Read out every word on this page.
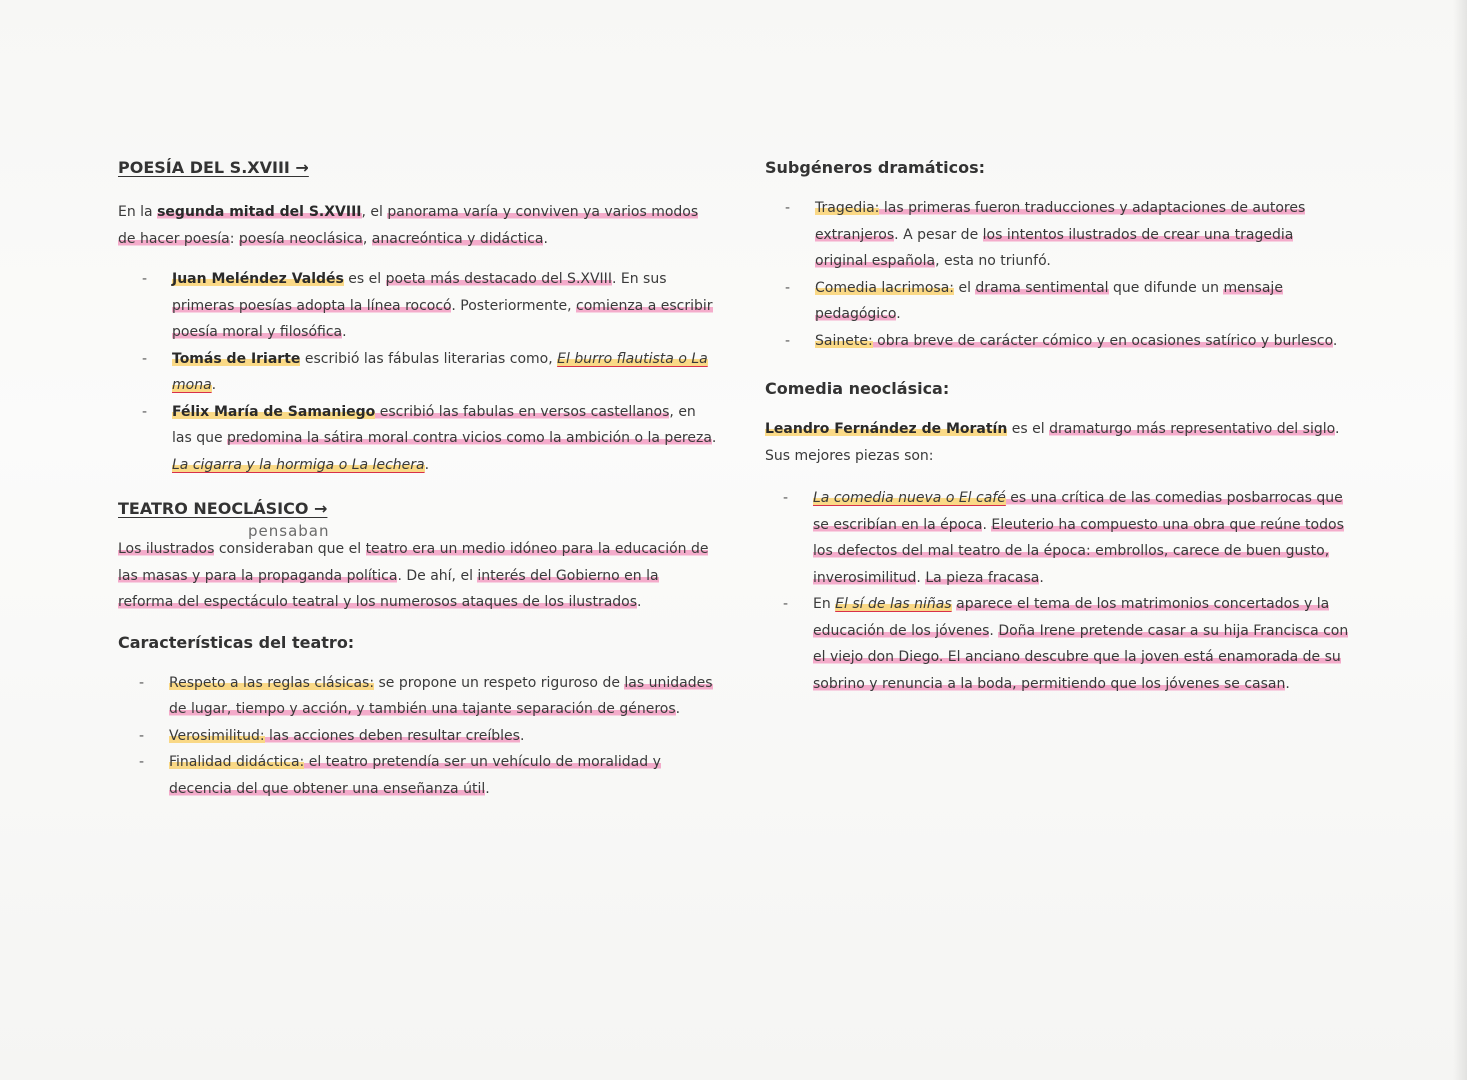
POESÍA DEL S.XVIII →

En la segunda mitad del S.XVIII, el panorama varía y conviven ya varios modos de hacer poesía: poesía neoclásica, anacreóntica y didáctica.

- Juan Meléndez Valdés es el poeta más destacado del S.XVIII. En sus primeras poesías adopta la línea rococó. Posteriormente, comienza a escribir poesía moral y filosófica.
- Tomás de Iriarte escribió las fábulas literarias como, El burro flautista o La mona.
- Félix María de Samaniego escribió las fabulas en versos castellanos, en las que predomina la sátira moral contra vicios como la ambición o la pereza. La cigarra y la hormiga o La lechera.
TEATRO NEOCLÁSICO →
pensaban

Los ilustrados consideraban que el teatro era un medio idóneo para la educación de las masas y para la propaganda política. De ahí, el interés del Gobierno en la reforma del espectáculo teatral y los numerosos ataques de los ilustrados.

Características del teatro:
- Respeto a las reglas clásicas: se propone un respeto riguroso de las unidades de lugar, tiempo y acción, y también una tajante separación de géneros.
- Verosimilitud: las acciones deben resultar creíbles.
- Finalidad didáctica: el teatro pretendía ser un vehículo de moralidad y decencia del que obtener una enseñanza útil.
Subgéneros dramáticos:
- Tragedia: las primeras fueron traducciones y adaptaciones de autores extranjeros. A pesar de los intentos ilustrados de crear una tragedia original española, esta no triunfó.
- Comedia lacrimosa: el drama sentimental que difunde un mensaje pedagógico.
- Sainete: obra breve de carácter cómico y en ocasiones satírico y burlesco.
Comedia neoclásica:

Leandro Fernández de Moratín es el dramaturgo más representativo del siglo. Sus mejores piezas son:

- La comedia nueva o El café es una crítica de las comedias posbarrocas que se escribían en la época. Eleuterio ha compuesto una obra que reúne todos los defectos del mal teatro de la época: embrollos, carece de buen gusto, inverosimilitud. La pieza fracasa.
- En El sí de las niñas aparece el tema de los matrimonios concertados y la educación de los jóvenes. Doña Irene pretende casar a su hija Francisca con el viejo don Diego. El anciano descubre que la joven está enamorada de su sobrino y renuncia a la boda, permitiendo que los jóvenes se casan.
